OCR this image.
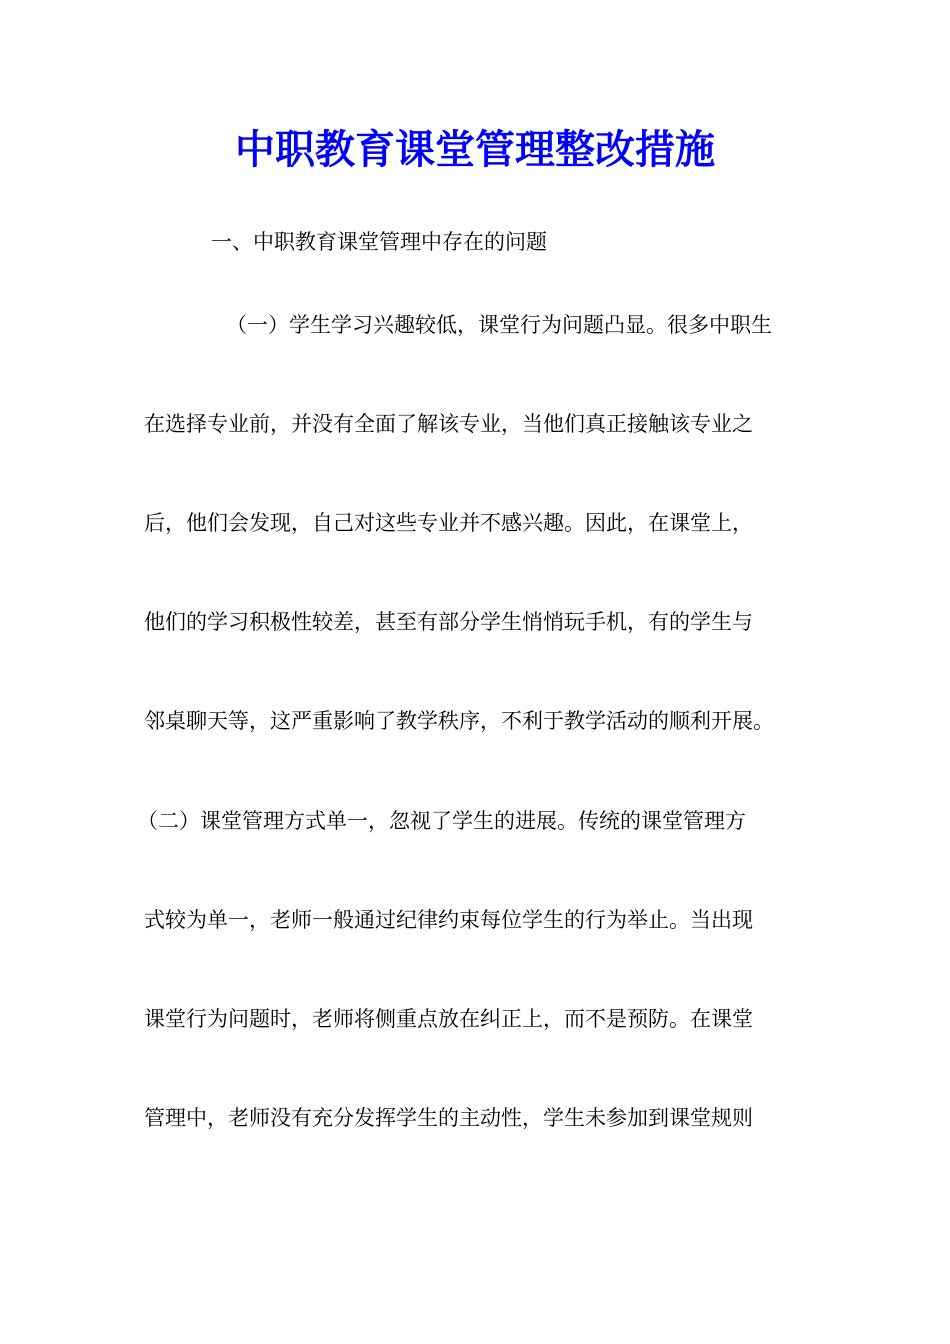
中职教育课堂管理整改措施
一、中职教育课堂管理中存在的问题
（一）学生学习兴趣较低，课堂行为问题凸显。很多中职生
在选择专业前，并没有全面了解该专业，当他们真正接触该专业之
后，他们会发现，自己对这些专业并不感兴趣。因此，在课堂上，
他们的学习积极性较差，甚至有部分学生悄悄玩手机，有的学生与
邻桌聊天等，这严重影响了教学秩序，不利于教学活动的顺利开展。
（二）课堂管理方式单一，忽视了学生的进展。传统的课堂管理方
式较为单一，老师一般通过纪律约束每位学生的行为举止。当出现
课堂行为问题时，老师将侧重点放在纠正上，而不是预防。在课堂
管理中，老师没有充分发挥学生的主动性，学生未参加到课堂规则
